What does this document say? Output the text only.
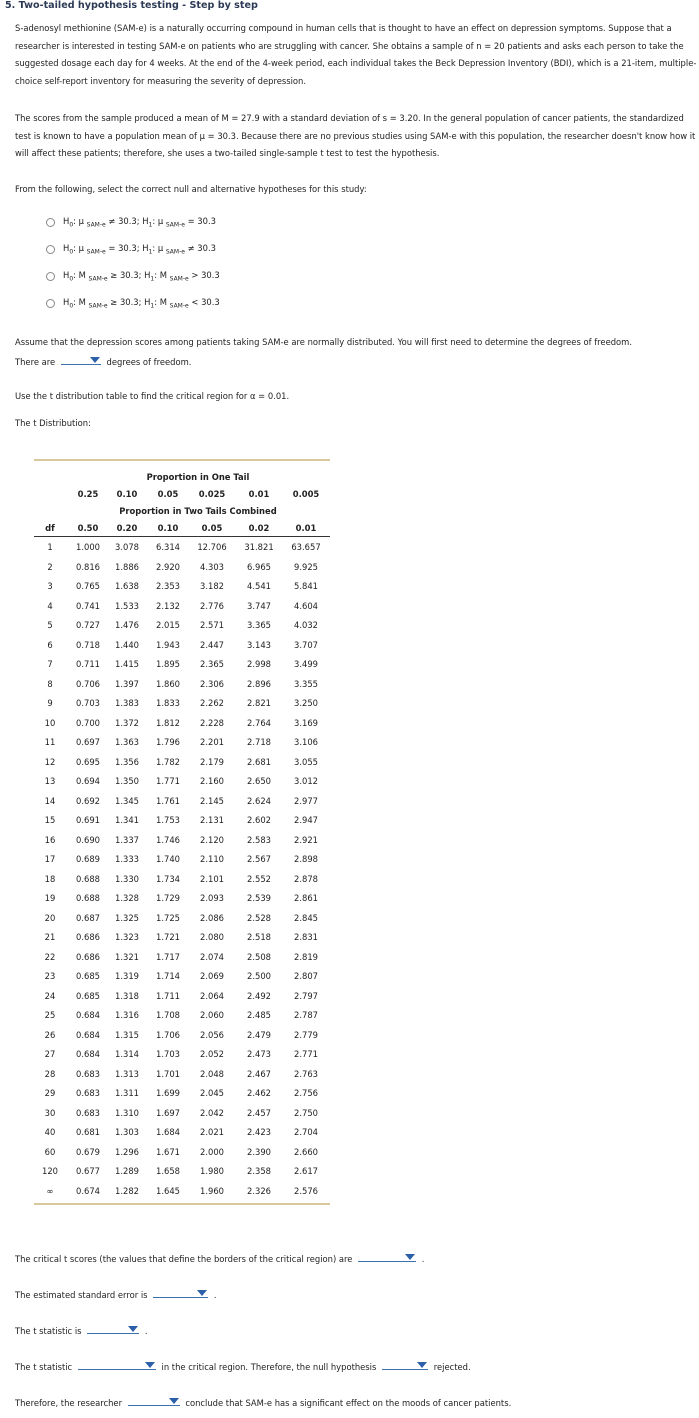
5. Two-tailed hypothesis testing - Step by step
S-adenosyl methionine (SAM-e) is a naturally occurring compound in human cells that is thought to have an effect on depression symptoms. Suppose that a researcher is interested in testing SAM-e on patients who are struggling with cancer. She obtains a sample of n = 20 patients and asks each person to take the suggested dosage each day for 4 weeks. At the end of the 4-week period, each individual takes the Beck Depression Inventory (BDI), which is a 21-item, multiple-choice self-report inventory for measuring the severity of depression.
The scores from the sample produced a mean of M = 27.9 with a standard deviation of s = 3.20. In the general population of cancer patients, the standardized test is known to have a population mean of μ = 30.3. Because there are no previous studies using SAM-e with this population, the researcher doesn't know how it will affect these patients; therefore, she uses a two-tailed single-sample t test to test the hypothesis.
From the following, select the correct null and alternative hypotheses for this study:
$H_0$: μ $_{SAM-e}$ ≠ 30.3; $H_1$: μ $_{SAM-e}$ = 30.3
$H_0$: μ $_{SAM-e}$ = 30.3; $H_1$: μ $_{SAM-e}$ ≠ 30.3
$H_0$: M $_{SAM-e}$ ≥ 30.3; $H_1$: M $_{SAM-e}$ > 30.3
$H_0$: M $_{SAM-e}$ ≥ 30.3; $H_1$: M $_{SAM-e}$ < 30.3
Assume that the depression scores among patients taking SAM-e are normally distributed. You will first need to determine the degrees of freedom.
There are	degrees of freedom.
Use the t distribution table to find the critical region for α = 0.01.
The t Distribution:
Proportion in One Tail
0.25	0.10	0.05	0.025	0.01	0.005
Proportion in Two Tails Combined
df	0.50	0.20	0.10	0.05	0.02	0.01
1	1.000	3.078	6.314	12.706	31.821	63.657
2	0.816	1.886	2.920	4.303	6.965	9.925
3	0.765	1.638	2.353	3.182	4.541	5.841
4	0.741	1.533	2.132	2.776	3.747	4.604
5	0.727	1.476	2.015	2.571	3.365	4.032
6	0.718	1.440	1.943	2.447	3.143	3.707
7	0.711	1.415	1.895	2.365	2.998	3.499
8	0.706	1.397	1.860	2.306	2.896	3.355
9	0.703	1.383	1.833	2.262	2.821	3.250
10	0.700	1.372	1.812	2.228	2.764	3.169
11	0.697	1.363	1.796	2.201	2.718	3.106
12	0.695	1.356	1.782	2.179	2.681	3.055
13	0.694	1.350	1.771	2.160	2.650	3.012
14	0.692	1.345	1.761	2.145	2.624	2.977
15	0.691	1.341	1.753	2.131	2.602	2.947
16	0.690	1.337	1.746	2.120	2.583	2.921
17	0.689	1.333	1.740	2.110	2.567	2.898
18	0.688	1.330	1.734	2.101	2.552	2.878
19	0.688	1.328	1.729	2.093	2.539	2.861
20	0.687	1.325	1.725	2.086	2.528	2.845
21	0.686	1.323	1.721	2.080	2.518	2.831
22	0.686	1.321	1.717	2.074	2.508	2.819
23	0.685	1.319	1.714	2.069	2.500	2.807
24	0.685	1.318	1.711	2.064	2.492	2.797
25	0.684	1.316	1.708	2.060	2.485	2.787
26	0.684	1.315	1.706	2.056	2.479	2.779
27	0.684	1.314	1.703	2.052	2.473	2.771
28	0.683	1.313	1.701	2.048	2.467	2.763
29	0.683	1.311	1.699	2.045	2.462	2.756
30	0.683	1.310	1.697	2.042	2.457	2.750
40	0.681	1.303	1.684	2.021	2.423	2.704
60	0.679	1.296	1.671	2.000	2.390	2.660
120	0.677	1.289	1.658	1.980	2.358	2.617
∞	0.674	1.282	1.645	1.960	2.326	2.576
The critical t scores (the values that define the borders of the critical region) are	.
The estimated standard error is	.
The t statistic is	.
The t statistic	in the critical region. Therefore, the null hypothesis	rejected.
Therefore, the researcher	conclude that SAM-e has a significant effect on the moods of cancer patients.
